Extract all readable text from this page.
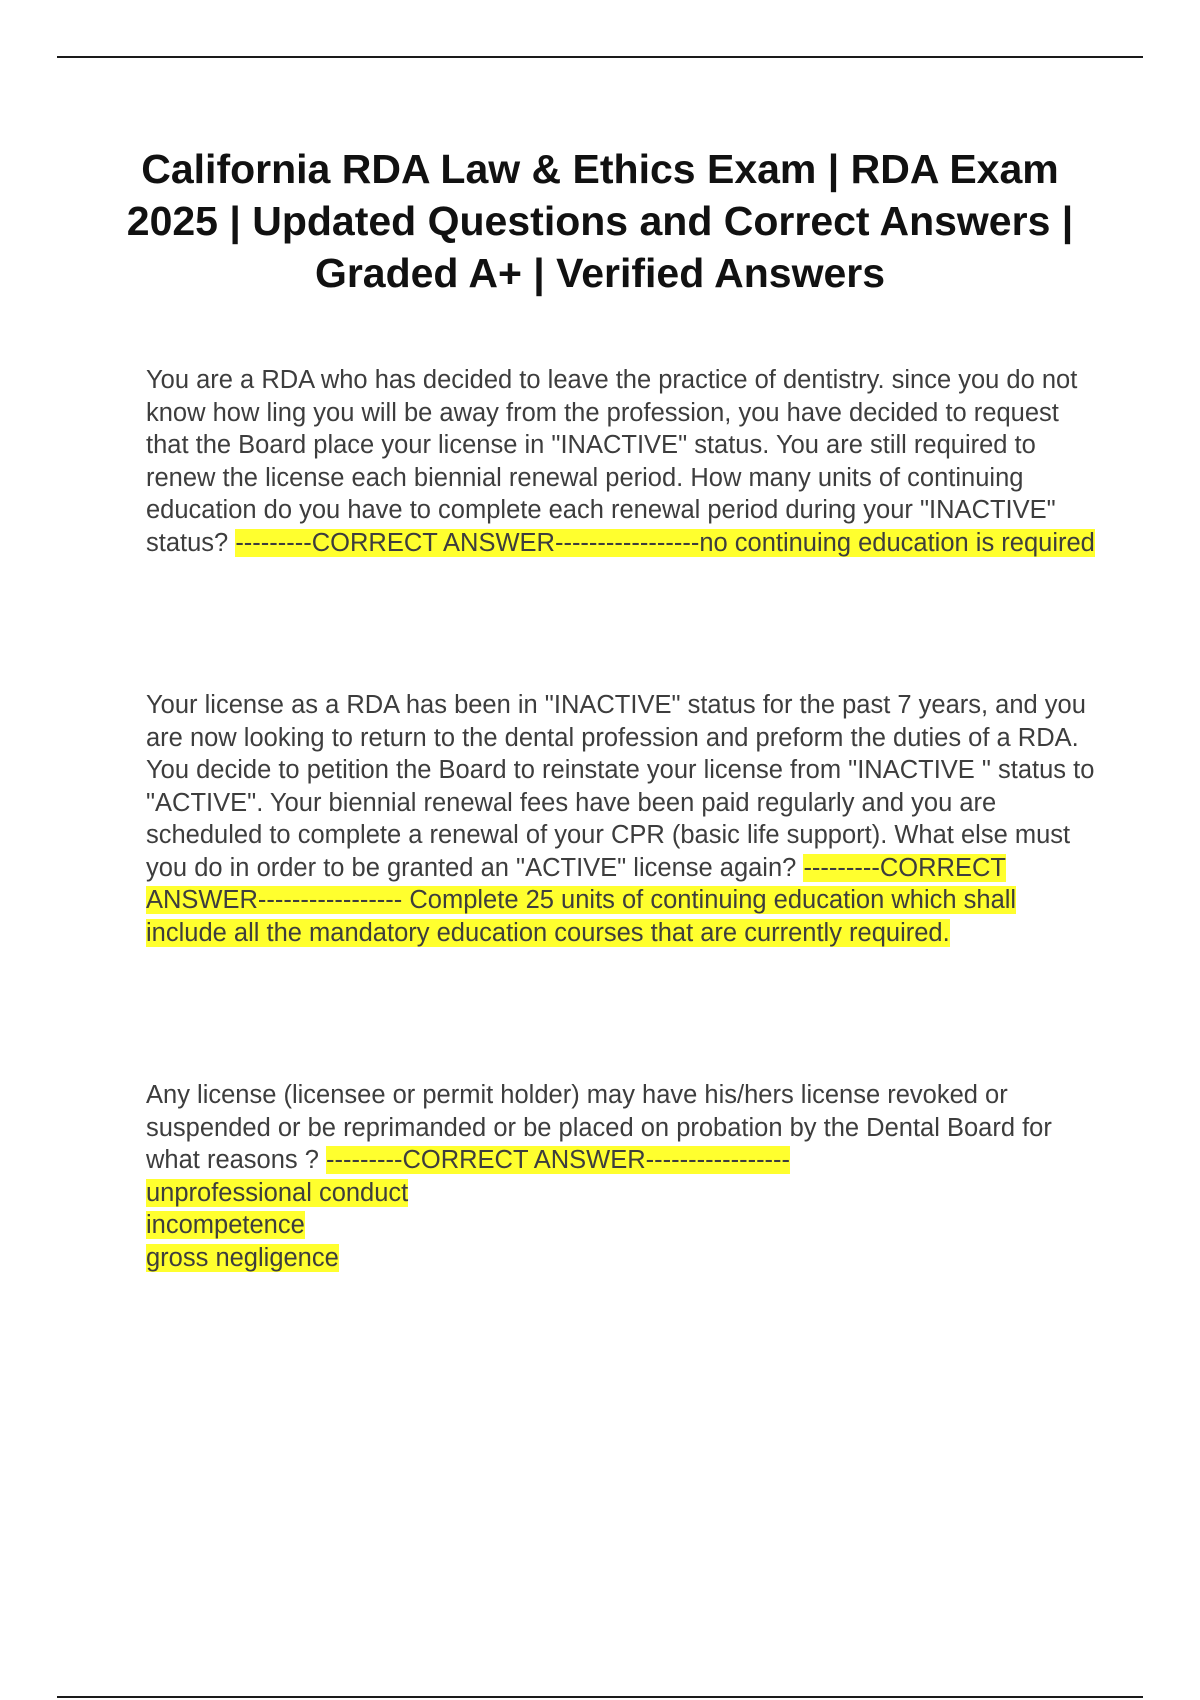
California RDA Law & Ethics Exam | RDA Exam 2025 | Updated Questions and Correct Answers | Graded A+ | Verified Answers

You are a RDA who has decided to leave the practice of dentistry. since you do not know how ling you will be away from the profession, you have decided to request that the Board place your license in "INACTIVE" status. You are still required to renew the license each biennial renewal period. How many units of continuing education do you have to complete each renewal period during your "INACTIVE" status? ---------CORRECT ANSWER-----------------no continuing education is required

Your license as a RDA has been in "INACTIVE" status for the past 7 years, and you are now looking to return to the dental profession and preform the duties of a RDA. You decide to petition the Board to reinstate your license from "INACTIVE " status to "ACTIVE". Your biennial renewal fees have been paid regularly and you are scheduled to complete a renewal of your CPR (basic life support). What else must you do in order to be granted an "ACTIVE" license again? ---------CORRECT ANSWER----------------- Complete 25 units of continuing education which shall include all the mandatory education courses that are currently required.

Any license (licensee or permit holder) may have his/hers license revoked or suspended or be reprimanded or be placed on probation by the Dental Board for what reasons ? ---------CORRECT ANSWER-----------------
unprofessional conduct
incompetence
gross negligence
